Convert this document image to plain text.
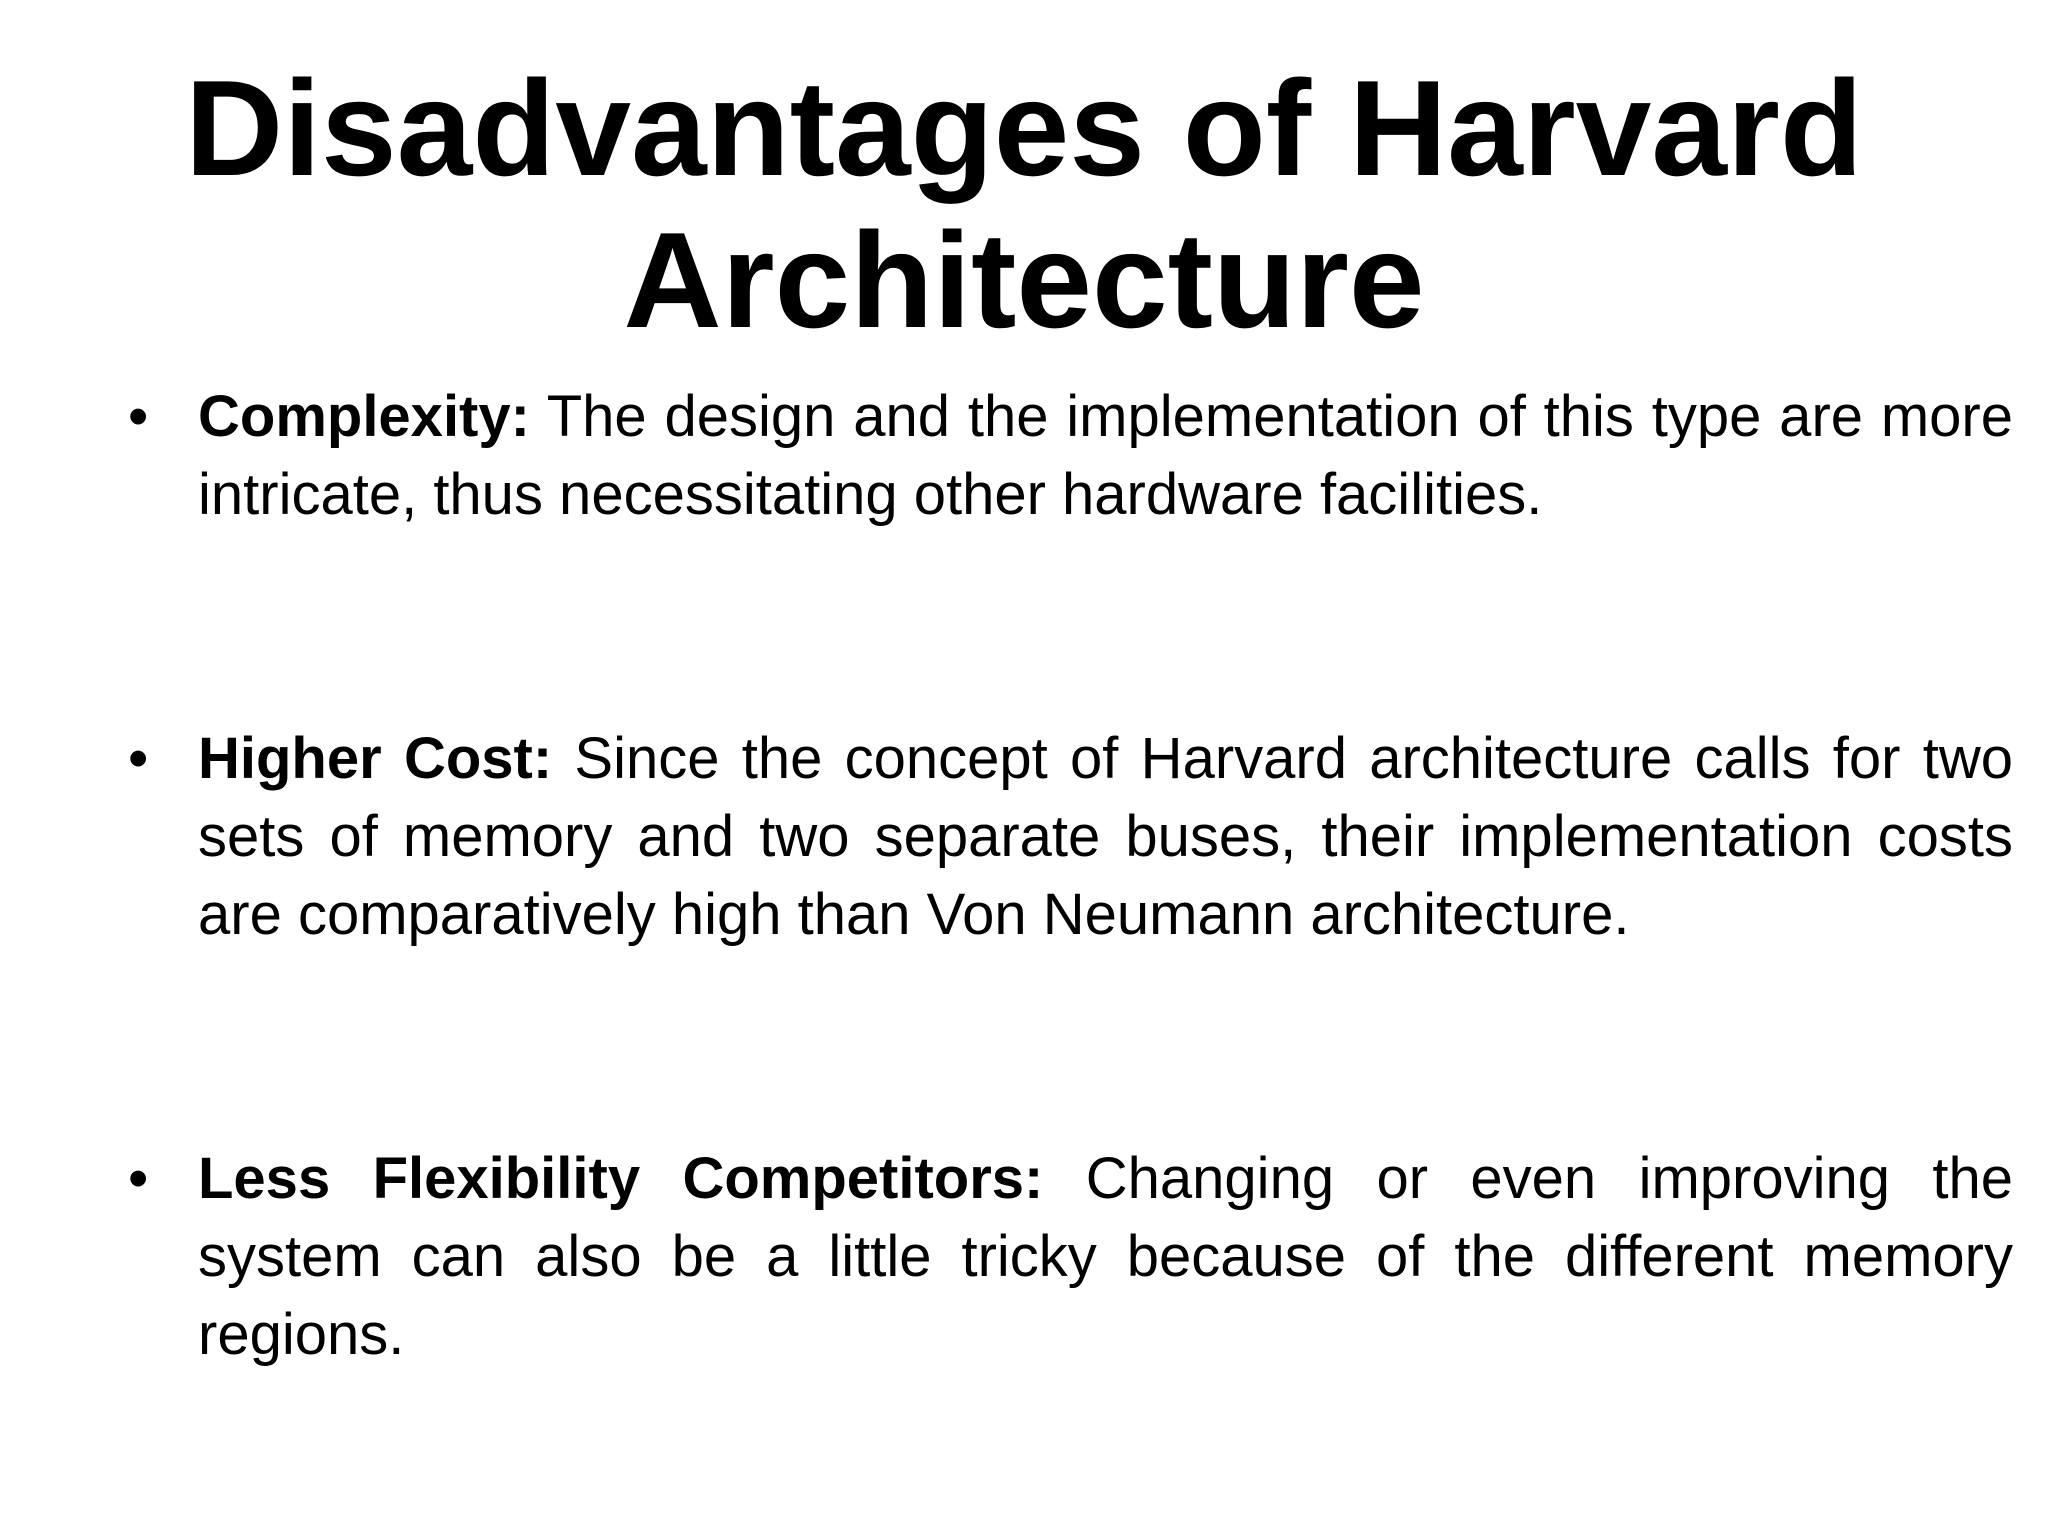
Disadvantages of Harvard Architecture
• Complexity: The design and the implementation of this type are more intricate, thus necessitating other hardware facilities.
• Higher Cost: Since the concept of Harvard architecture calls for two sets of memory and two separate buses, their implementation costs are comparatively high than Von Neumann architecture.
• Less Flexibility Competitors: Changing or even improving the system can also be a little tricky because of the different memory regions.
